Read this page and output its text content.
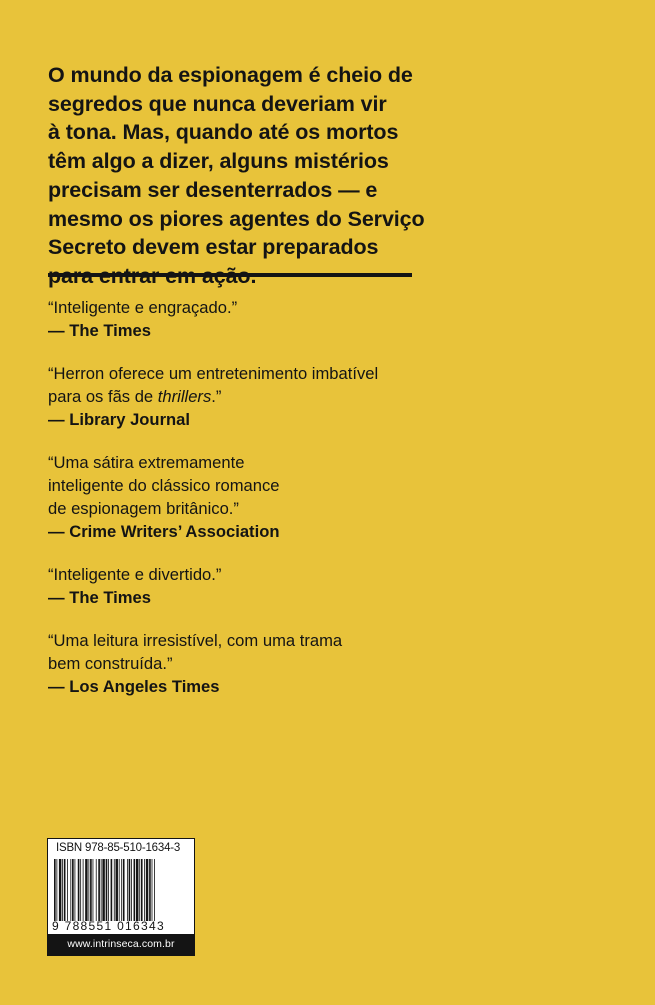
O mundo da espionagem é cheio de
segredos que nunca deveriam vir
à tona. Mas, quando até os mortos
têm algo a dizer, alguns mistérios
precisam ser desenterrados — e
mesmo os piores agentes do Serviço
Secreto devem estar preparados

“Inteligente e engraçado.”
— The Times
“Herron oferece um entretenimento imbatível
para os fãs de thrillers.”
— Library Journal
“Uma sátira extremamente
inteligente do clássico romance
de espionagem britânico.”
— Crime Writers’ Association
“Inteligente e divertido.”
— The Times
“Uma leitura irresistível, com uma trama
bem construída.”
— Los Angeles Times
ISBN 978-85-510-1634-3
9 788551 016343
www.intrinseca.com.br
